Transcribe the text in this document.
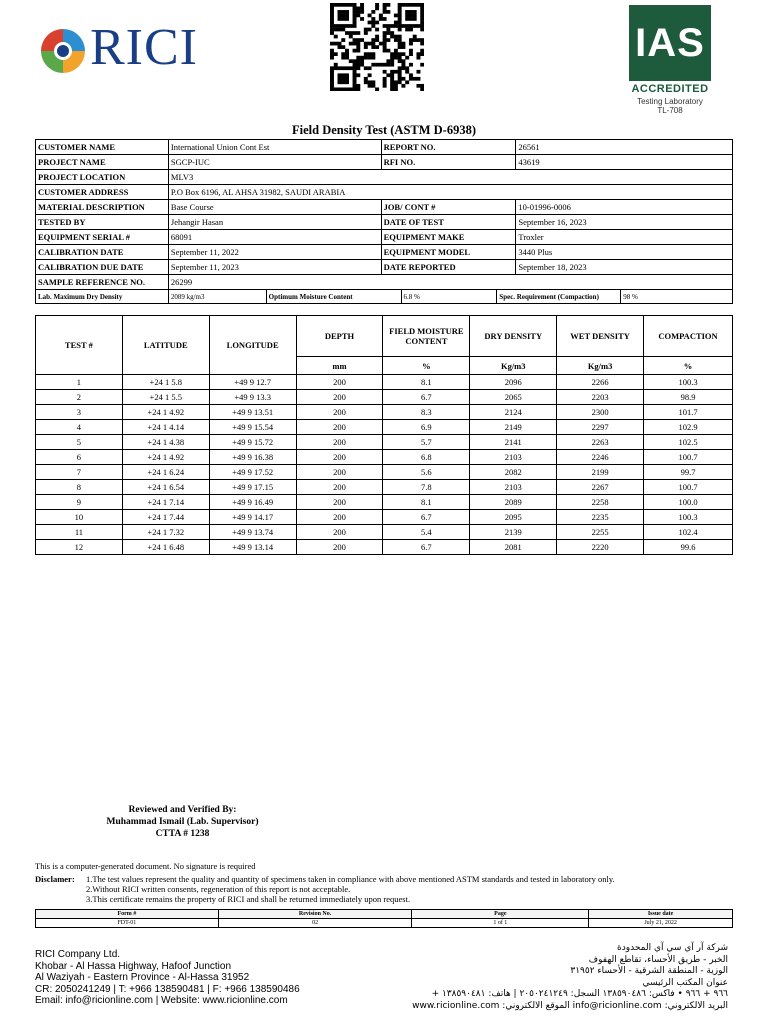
RICI	IAS
ACCREDITED
Testing Laboratory
TL-708
Field Density Test (ASTM D-6938)
CUSTOMER NAME	International Union Cont Est	REPORT NO.	26561
PROJECT NAME	SGCP-IUC	RFI NO.	43619
PROJECT LOCATION	MLV3		
CUSTOMER ADDRESS	P.O Box 6196, AL AHSA 31982, SAUDI ARABIA		
MATERIAL DESCRIPTION	Base Course	JOB/ CONT #	10-01996-0006
TESTED BY	Jehangir Hasan	DATE OF TEST	September 16, 2023
EQUIPMENT SERIAL #	68091	EQUIPMENT MAKE	Troxler
CALIBRATION DATE	September 11, 2022	EQUIPMENT MODEL	3440 Plus
CALIBRATION DUE DATE	September 11, 2023	DATE REPORTED	September 18, 2023
SAMPLE REFERENCE NO.	26299		
Lab. Maximum Dry Density	2089 kg/m3	Optimum Moisture Content	6.8 %	Spec. Requirement (Compaction)	98 %
TEST #	LATITUDE	LONGITUDE	DEPTH	FIELD MOISTURE CONTENT	DRY DENSITY	WET DENSITY	COMPACTION
			mm	%	Kg/m3	Kg/m3	%
1	+24 1 5.8	+49 9 12.7	200	8.1	2096	2266	100.3
2	+24 1 5.5	+49 9 13.3	200	6.7	2065	2203	98.9
3	+24 1 4.92	+49 9 13.51	200	8.3	2124	2300	101.7
4	+24 1 4.14	+49 9 15.54	200	6.9	2149	2297	102.9
5	+24 1 4.38	+49 9 15.72	200	5.7	2141	2263	102.5
6	+24 1 4.92	+49 9 16.38	200	6.8	2103	2246	100.7
7	+24 1 6.24	+49 9 17.52	200	5.6	2082	2199	99.7
8	+24 1 6.54	+49 9 17.15	200	7.8	2103	2267	100.7
9	+24 1 7.14	+49 9 16.49	200	8.1	2089	2258	100.0
10	+24 1 7.44	+49 9 14.17	200	6.7	2095	2235	100.3
11	+24 1 7.32	+49 9 13.74	200	5.4	2139	2255	102.4
12	+24 1 6.48	+49 9 13.14	200	6.7	2081	2220	99.6
Reviewed and Verified By:
Muhammad Ismail (Lab. Supervisor)
CTTA # 1238
This is a computer-generated document. No signature is required
Disclamer: 1.The test values represent the quality and quantity of specimens taken in compliance with above mentioned ASTM standards and tested in laboratory only.
2.Without RICI written consents, regeneration of this report is not acceptable.
3.This certificate remains the property of RICI and shall be returned immediately upon request.
Form #	Revision No.	Page	Issue date
FDT-01	02	1 of 1	July 21, 2022
RICI Company Ltd.
Khobar - Al Hassa Highway, Hafoof Junction
Al Waziyah - Eastern Province - Al-Hassa 31952
CR: 2050241249 | T: +966 138590481 | F: +966 138590486
Email: info@ricionline.com | Website: www.ricionline.com
شركة آر آي سي آي المحدودة
الخبر - طريق الأحساء، تقاطع الهفوف
الوزية - المنطقة الشرقية - الأحساء ٣١٩٥٢
عنوان المكتب الرئيسي
٩٦٦ + ٩٦٦ • فاكس: ١٣٨٥٩٠٤٨٦ السجل: ٢٠٥٠٢٤١٢٤٩ | هاتف: ١٣٨٥٩٠٤٨١ +
البريد الالكتروني: info@ricionline.com الموقع الالكتروني: www.ricionline.com
